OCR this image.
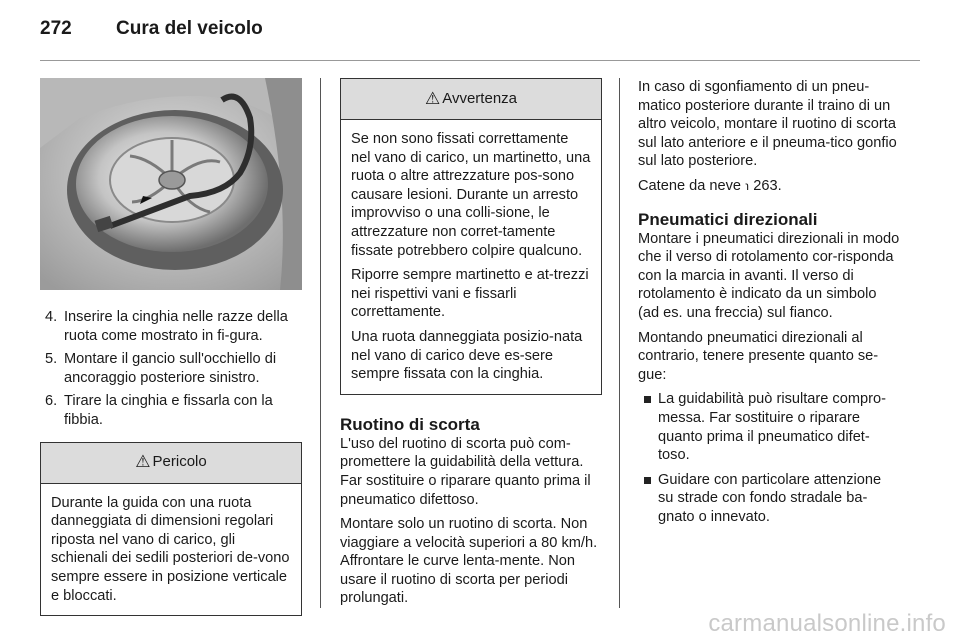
272 Cura del veicolo
4. Inserire la cinghia nelle razze della ruota come mostrato in fi-gura.
5. Montare il gancio sull'occhiello di ancoraggio posteriore sinistro.
6. Tirare la cinghia e fissarla con la fibbia.
⚠ Pericolo

Durante la guida con una ruota danneggiata di dimensioni regolari riposta nel vano di carico, gli schienali dei sedili posteriori de-vono sempre essere in posizione verticale e bloccati.

⚠ Avvertenza

Se non sono fissati correttamente nel vano di carico, un martinetto, una ruota o altre attrezzature pos-sono causare lesioni. Durante un arresto improvviso o una colli-sione, le attrezzature non corret-tamente fissate potrebbero colpire qualcuno.

Riporre sempre martinetto e at-trezzi nei rispettivi vani e fissarli correttamente.

Una ruota danneggiata posizio-nata nel vano di carico deve es-sere sempre fissata con la cinghia.

Ruotino di scorta

L'uso del ruotino di scorta può com-promettere la guidabilità della vettura. Far sostituire o riparare quanto prima il pneumatico difettoso.

Montare solo un ruotino di scorta. Non viaggiare a velocità superiori a 80 km/h. Affrontare le curve lenta-mente. Non usare il ruotino di scorta per periodi prolungati.

In caso di sgonfiamento di un pneu-matico posteriore durante il traino di un altro veicolo, montare il ruotino di scorta sul lato anteriore e il pneuma-tico gonfio sul lato posteriore.

Catene da neve ℩ 263.

Pneumatici direzionali

Montare i pneumatici direzionali in modo che il verso di rotolamento cor-risponda con la marcia in avanti. Il verso di rotolamento è indicato da un simbolo (ad es. una freccia) sul fianco.

Montando pneumatici direzionali al contrario, tenere presente quanto se-gue:

La guidabilità può risultare compro-messa. Far sostituire o riparare quanto prima il pneumatico difet-toso.
Guidare con particolare attenzione su strade con fondo stradale ba-gnato o innevato.
carmanualsonline.info
